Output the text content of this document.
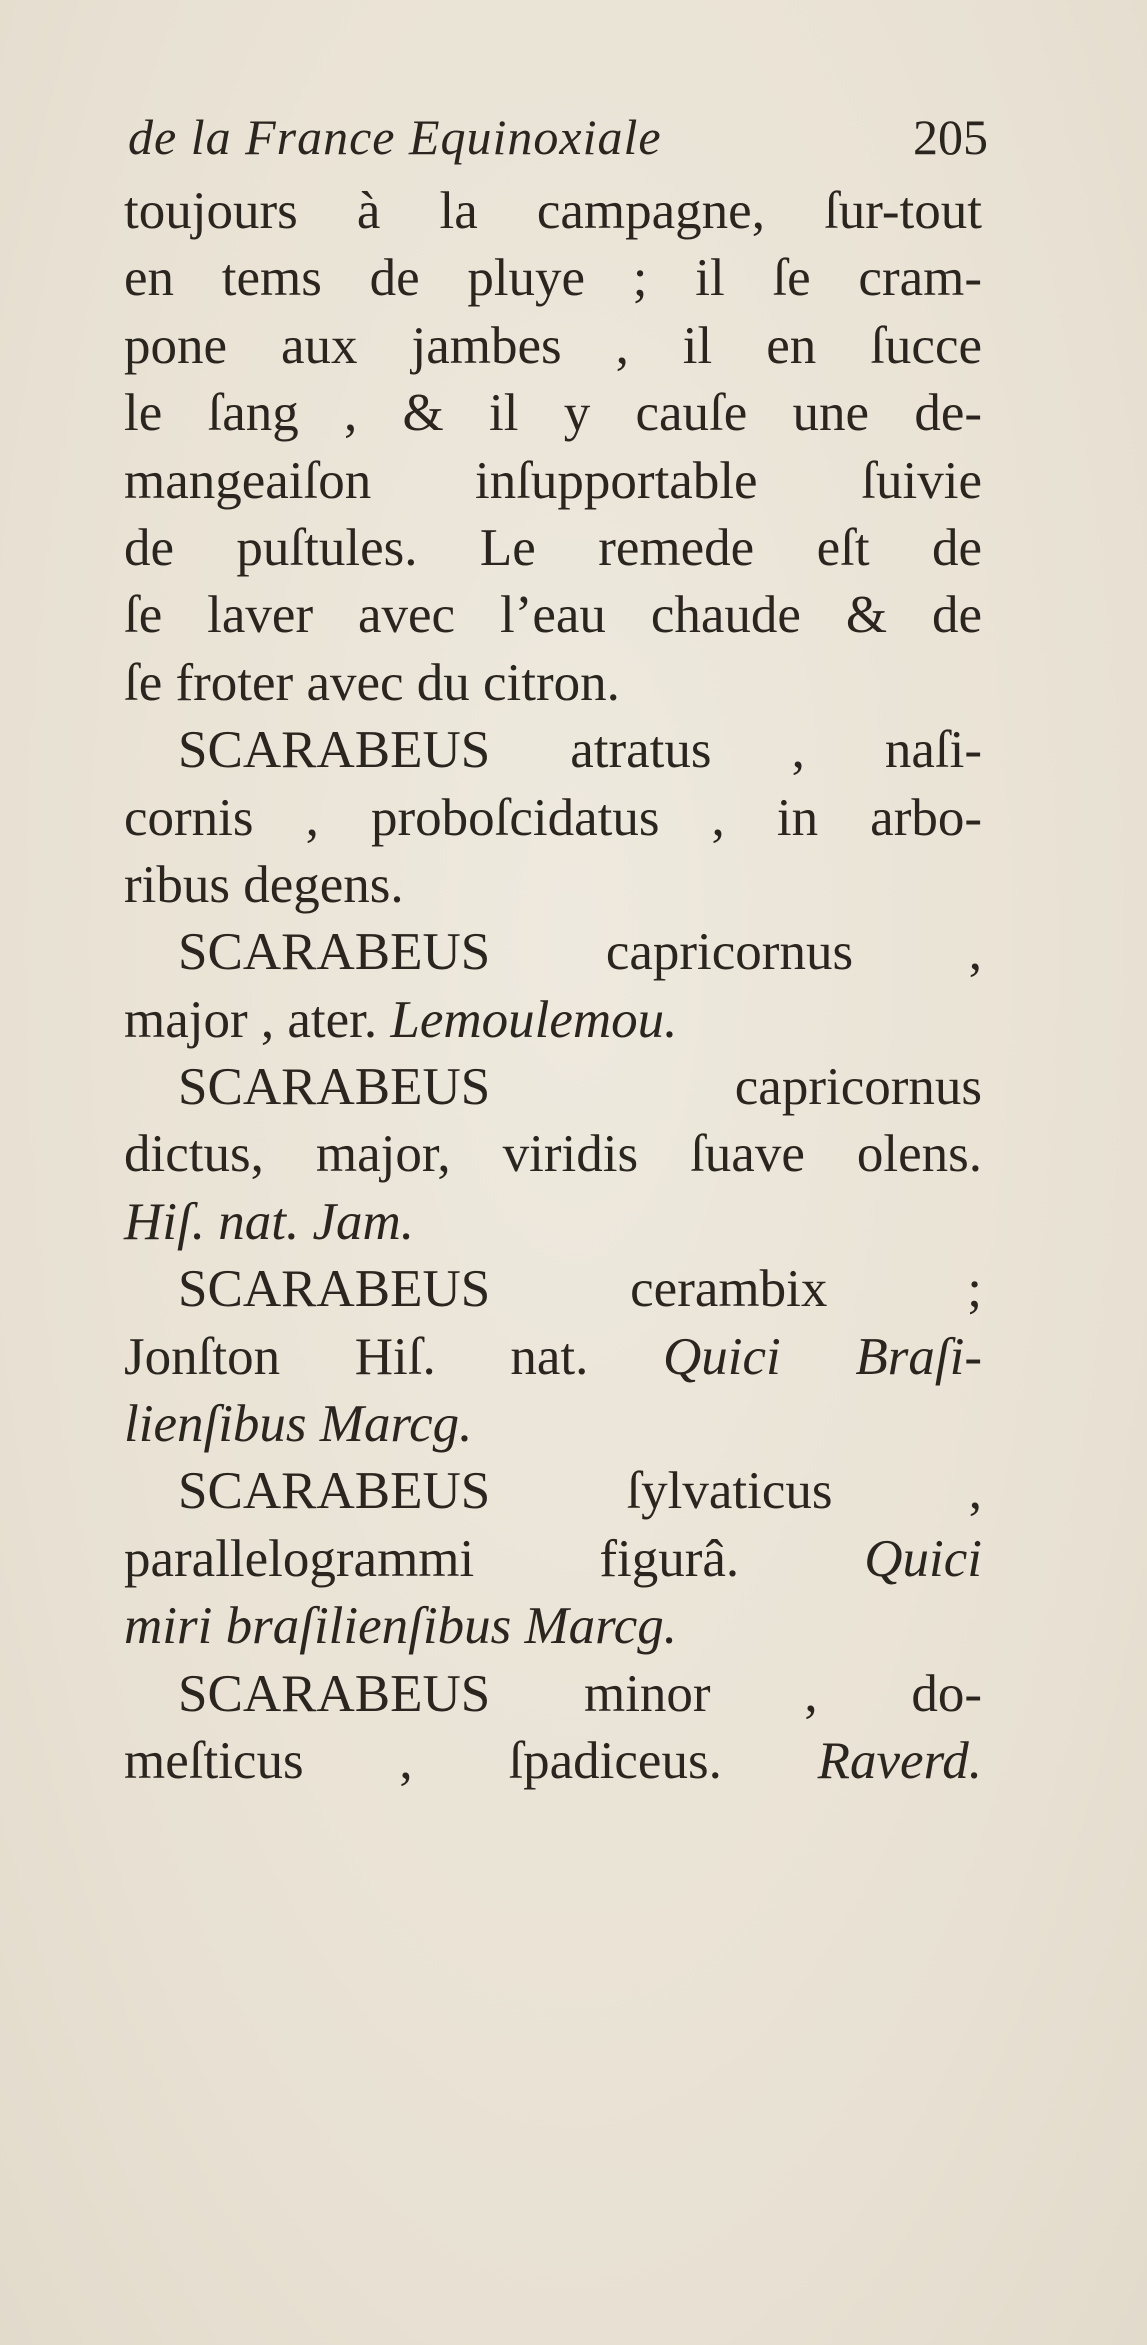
de la France Equinoxiale	205
toujours à la campagne, ſur-tout
en tems de pluye ; il ſe cram-
pone aux jambes , il en ſucce
le ſang , & il y cauſe une de-
mangeaiſon inſupportable ſuivie
de puſtules. Le remede eſt de
ſe laver avec l’eau chaude & de
ſe froter avec du citron.
SCARABEUS atratus , naſi-
cornis , proboſcidatus , in arbo-
ribus degens.
SCARABEUS capricornus ,
major , ater. Lemoulemou.
SCARABEUS capricornus
dictus, major, viridis ſuave olens.
Hiſ. nat. Jam.
SCARABEUS cerambix ;
Jonſton Hiſ. nat. Quici Braſi-
lienſibus Marcg.
SCARABEUS ſylvaticus ,
parallelogrammi figurâ. Quici
miri braſilienſibus Marcg.
SCARABEUS minor , do-
meſticus , ſpadiceus. Raverd.
